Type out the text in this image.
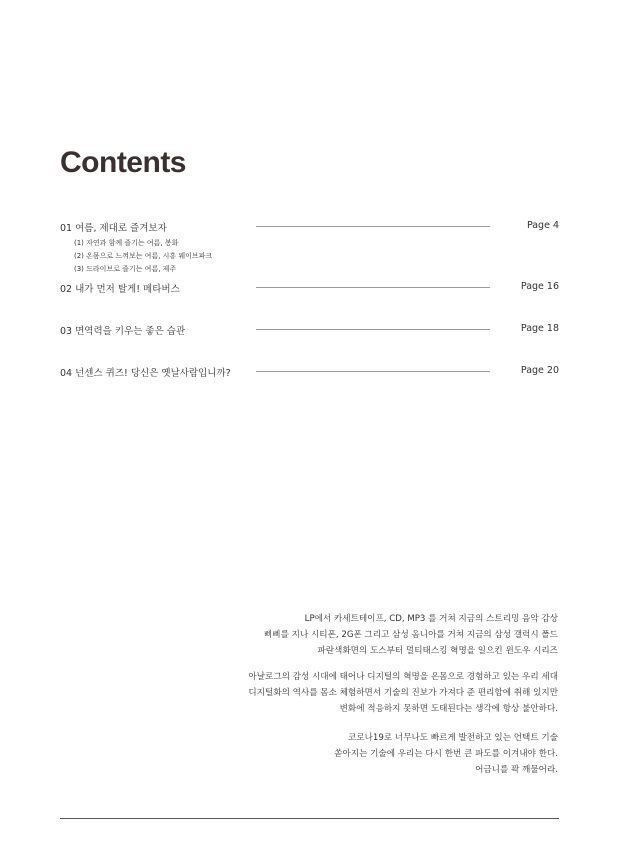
Contents
01 여름, 제대로 즐겨보자	Page 4
(1) 자연과 함께 즐기는 여름, 봉화
(2) 온몸으로 느껴보는 여름, 시흥 웨이브파크
(3) 드라이브로 즐기는 여름, 제주
02 내가 먼저 탈게! 메타버스	Page 16
03 면역력을 키우는 좋은 습관	Page 18
04 넌센스 퀴즈! 당신은 옛날사람입니까?	Page 20
LP에서 카세트테이프, CD, MP3 를 거쳐 지금의 스트리밍 음악 감상
삐삐를 지나 시티폰, 2G폰 그리고 삼성 옴니아를 거쳐 지금의 삼성 갤럭시 폴드
파란색화면의 도스부터 멀티태스킹 혁명을 일으킨 윈도우 시리즈
아날로그의 감성 시대에 태어나 디지털의 혁명을 온몸으로 경험하고 있는 우리 세대
디지털화의 역사를 몸소 체험하면서 기술의 진보가 가져다 준 편리함에 취해 있지만
변화에 적응하지 못하면 도태된다는 생각에 항상 불안하다.
코로나19로 너무나도 빠르게 발전하고 있는 언택트 기술
쏟아지는 기술에 우리는 다시 한번 큰 파도를 이겨내야 한다.
어금니를 꽉 깨물어라.
